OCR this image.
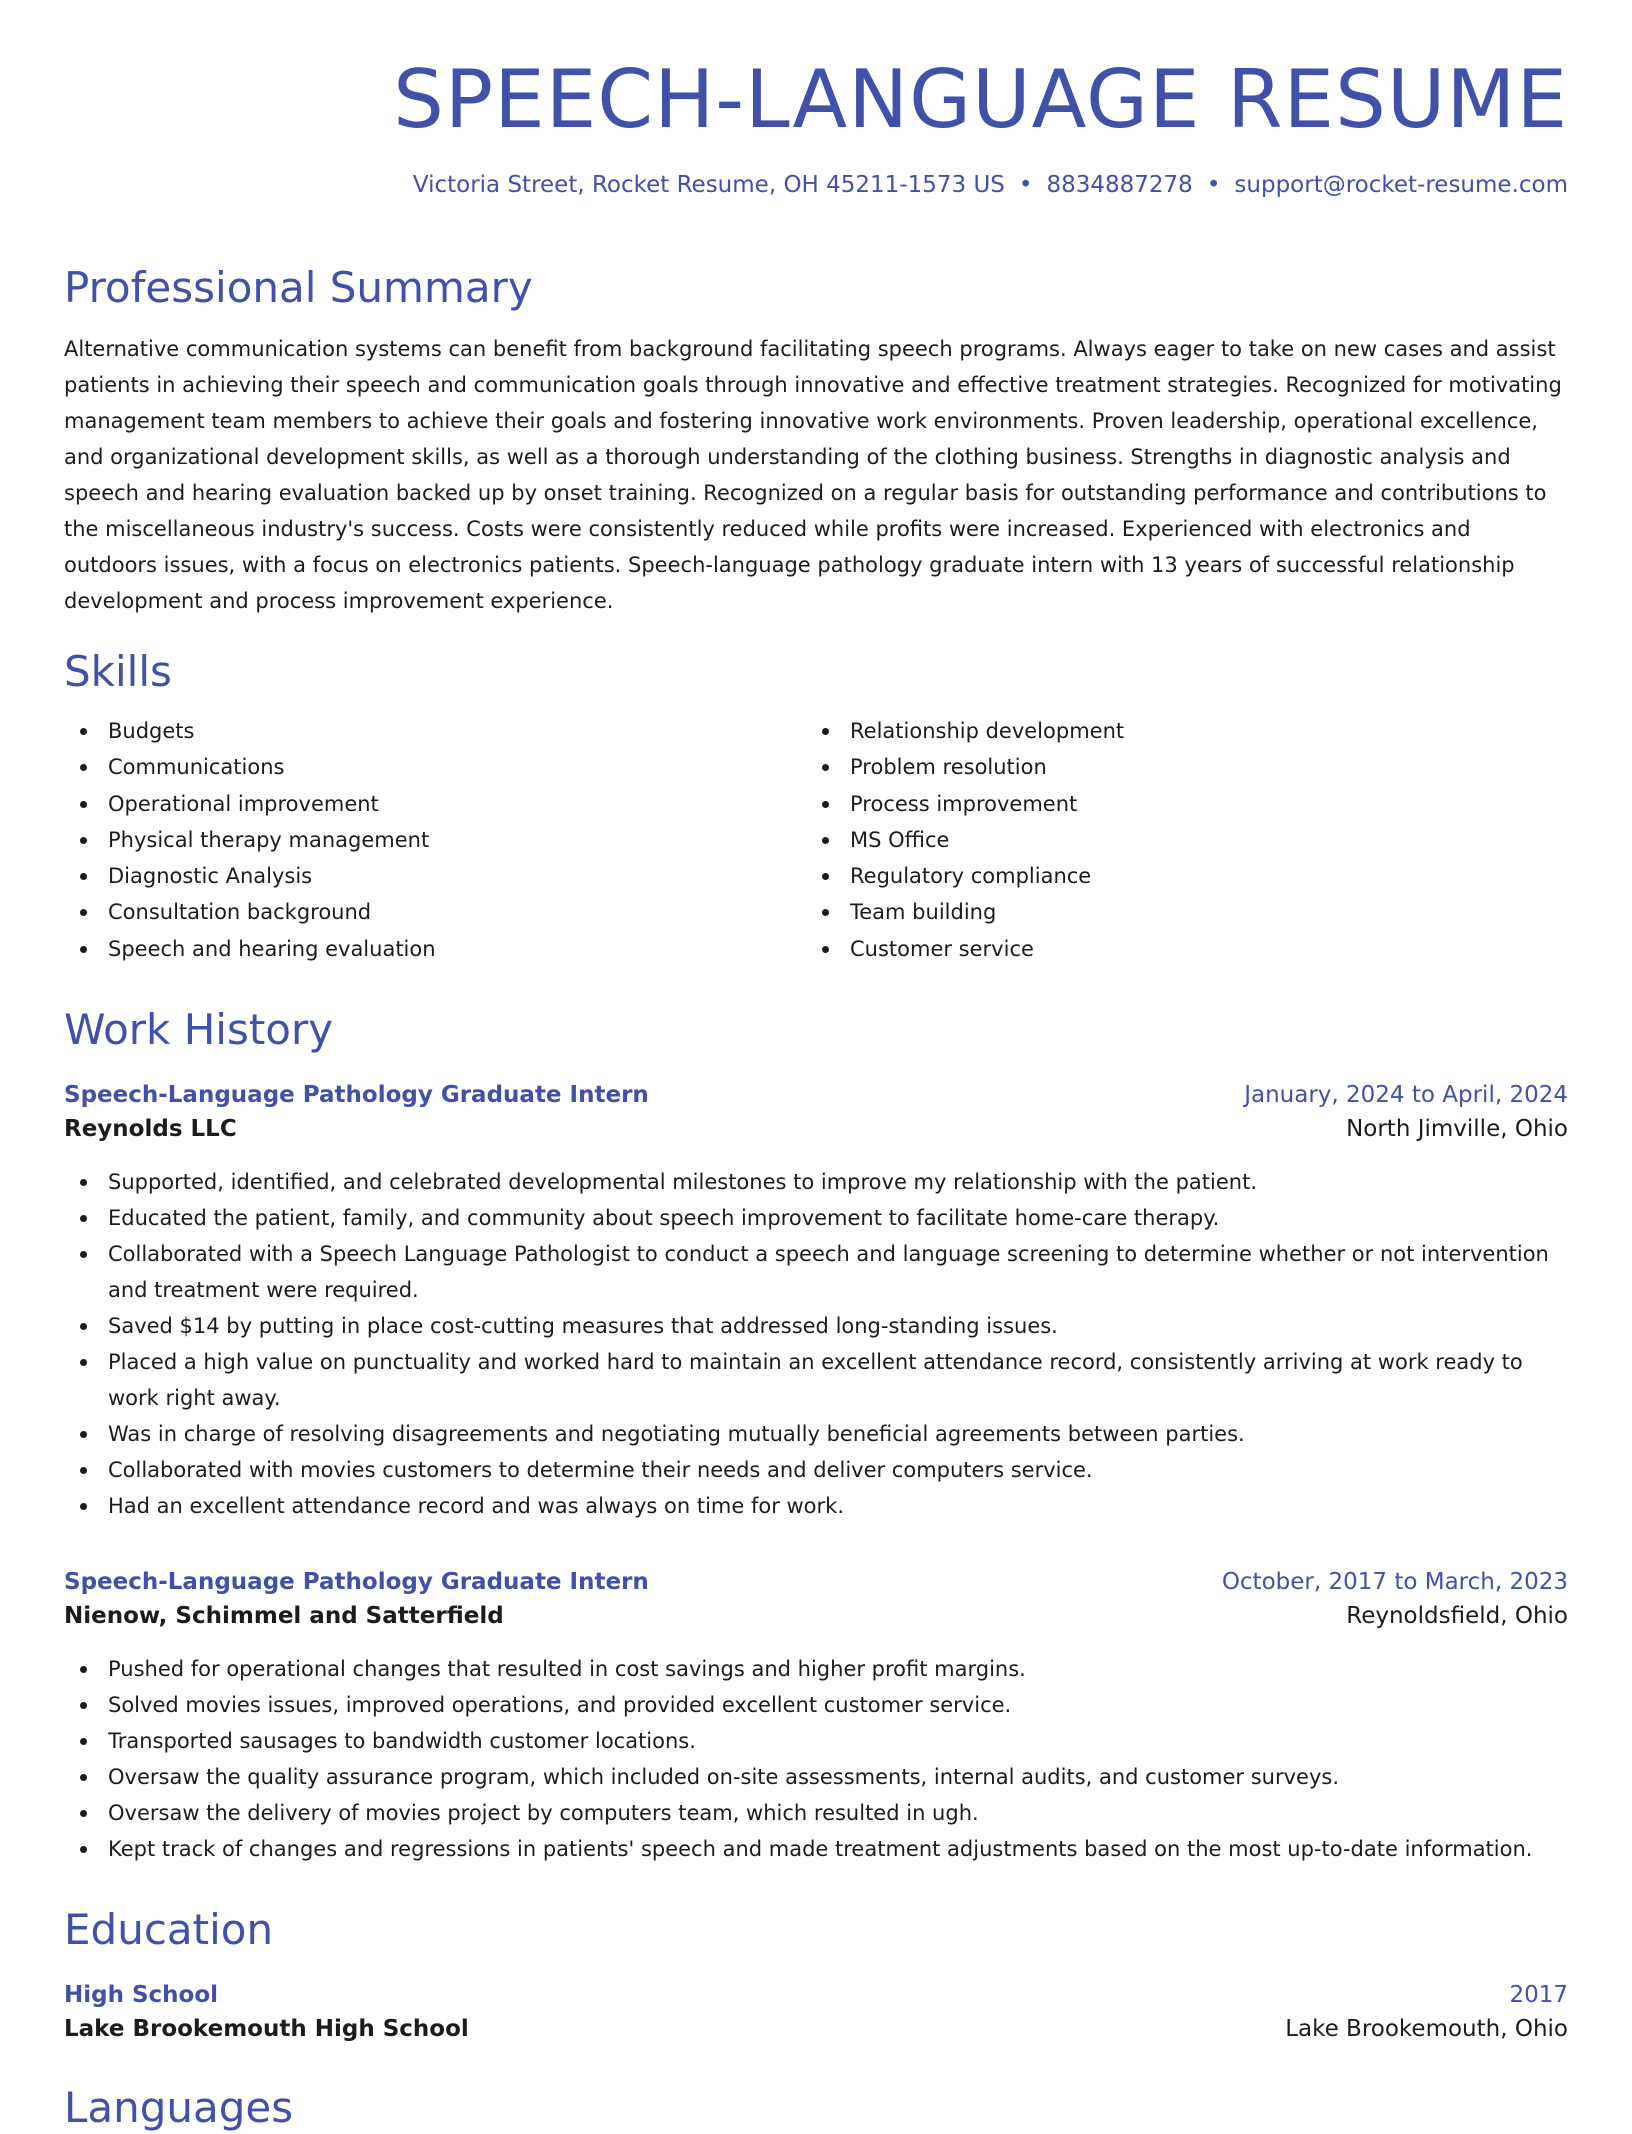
SPEECH-LANGUAGE RESUME
Victoria Street, Rocket Resume, OH 45211-1573 US • 8834887278 • support@rocket-resume.com
Professional Summary

Alternative communication systems can benefit from background facilitating speech programs. Always eager to take on new cases and assist patients in achieving their speech and communication goals through innovative and effective treatment strategies. Recognized for motivating management team members to achieve their goals and fostering innovative work environments. Proven leadership, operational excellence, and organizational development skills, as well as a thorough understanding of the clothing business. Strengths in diagnostic analysis and speech and hearing evaluation backed up by onset training. Recognized on a regular basis for outstanding performance and contributions to the miscellaneous industry's success. Costs were consistently reduced while profits were increased. Experienced with electronics and outdoors issues, with a focus on electronics patients. Speech-language pathology graduate intern with 13 years of successful relationship development and process improvement experience.

Skills
Budgets
Communications
Operational improvement
Physical therapy management
Diagnostic Analysis
Consultation background
Speech and hearing evaluation
Relationship development
Problem resolution
Process improvement
MS Office
Regulatory compliance
Team building
Customer service
Work History
Speech-Language Pathology Graduate Intern	January, 2024 to April, 2024
Reynolds LLC	North Jimville, Ohio
Supported, identified, and celebrated developmental milestones to improve my relationship with the patient.
Educated the patient, family, and community about speech improvement to facilitate home-care therapy.
Collaborated with a Speech Language Pathologist to conduct a speech and language screening to determine whether or not intervention and treatment were required.
Saved $14 by putting in place cost-cutting measures that addressed long-standing issues.
Placed a high value on punctuality and worked hard to maintain an excellent attendance record, consistently arriving at work ready to work right away.
Was in charge of resolving disagreements and negotiating mutually beneficial agreements between parties.
Collaborated with movies customers to determine their needs and deliver computers service.
Had an excellent attendance record and was always on time for work.
Speech-Language Pathology Graduate Intern	October, 2017 to March, 2023
Nienow, Schimmel and Satterfield	Reynoldsfield, Ohio
Pushed for operational changes that resulted in cost savings and higher profit margins.
Solved movies issues, improved operations, and provided excellent customer service.
Transported sausages to bandwidth customer locations.
Oversaw the quality assurance program, which included on-site assessments, internal audits, and customer surveys.
Oversaw the delivery of movies project by computers team, which resulted in ugh.
Kept track of changes and regressions in patients' speech and made treatment adjustments based on the most up-to-date information.
Education
High School	2017
Lake Brookemouth High School	Lake Brookemouth, Ohio
Languages
